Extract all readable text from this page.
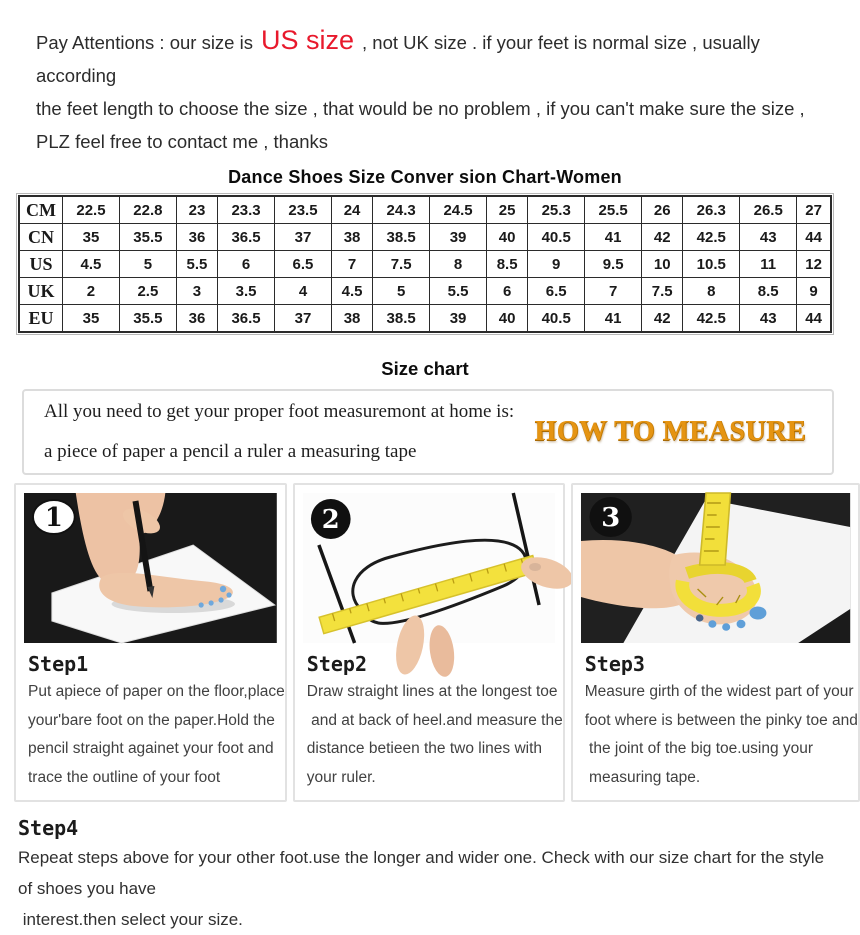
Pay Attentions : our size is US size , not UK size . if your feet is normal size , usually according
the feet length to choose the size , that would be no problem , if you can't make sure the size ,
PLZ feel free to contact me , thanks
Dance Shoes Size Conver sion Chart-Women
CM	22.5	22.8	23	23.3	23.5	24	24.3	24.5	25	25.3	25.5	26	26.3	26.5	27
CN	35	35.5	36	36.5	37	38	38.5	39	40	40.5	41	42	42.5	43	44
US	4.5	5	5.5	6	6.5	7	7.5	8	8.5	9	9.5	10	10.5	11	12
UK	2	2.5	3	3.5	4	4.5	5	5.5	6	6.5	7	7.5	8	8.5	9
EU	35	35.5	36	36.5	37	38	38.5	39	40	40.5	41	42	42.5	43	44
Size chart
All you need to get your proper foot measuremont at home is:
a piece of paper a pencil a ruler a measuring tape
HOW TO MEASURE
1
Step1
Put apiece of paper on the floor,place
your'bare foot on the paper.Hold the
pencil straight againet your foot and
trace the outline of your foot
2
Step2
Draw straight lines at the longest toe
and at back of heel.and measure the
distance betieen the two lines with
your ruler.
3
Step3
Measure girth of the widest part of your
foot where is between the pinky toe and
the joint of the big toe.using your
measuring tape.
Step4
Repeat steps above for your other foot.use the longer and wider one. Check with our size chart for the style of shoes you have
interest.then select your size.
